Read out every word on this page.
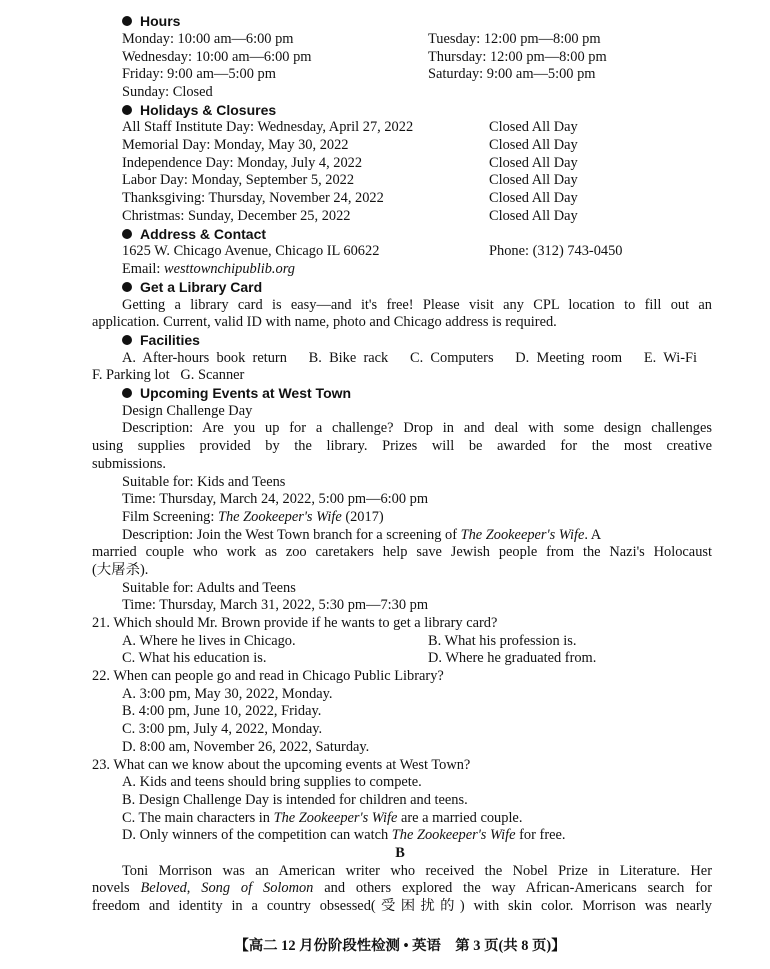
Hours
Monday: 10:00 am—6:00 pm	Tuesday: 12:00 pm—8:00 pm
Wednesday: 10:00 am—6:00 pm	Thursday: 12:00 pm—8:00 pm
Friday: 9:00 am—5:00 pm	Saturday: 9:00 am—5:00 pm
Sunday: Closed
Holidays & Closures
All Staff Institute Day: Wednesday, April 27, 2022	Closed All Day
Memorial Day: Monday, May 30, 2022	Closed All Day
Independence Day: Monday, July 4, 2022	Closed All Day
Labor Day: Monday, September 5, 2022	Closed All Day
Thanksgiving: Thursday, November 24, 2022	Closed All Day
Christmas: Sunday, December 25, 2022	Closed All Day
Address & Contact
1625 W. Chicago Avenue, Chicago IL 60622	Phone: (312) 743-0450
Email: westtownchipublib.org
Get a Library Card
Getting a library card is easy—and it's free! Please visit any CPL location to fill out an
application. Current, valid ID with name, photo and Chicago address is required.
Facilities
A. After-hours book return   B. Bike rack   C. Computers   D. Meeting room   E. Wi-Fi
F. Parking lot   G. Scanner
Upcoming Events at West Town
Design Challenge Day
Description: Are you up for a challenge? Drop in and deal with some design challenges
using supplies provided by the library. Prizes will be awarded for the most creative
submissions.
Suitable for: Kids and Teens
Time: Thursday, March 24, 2022, 5:00 pm—6:00 pm
Film Screening: The Zookeeper's Wife (2017)
Description: Join the West Town branch for a screening of The Zookeeper's Wife. A
married couple who work as zoo caretakers help save Jewish people from the Nazi's Holocaust
(大屠杀).
Suitable for: Adults and Teens
Time: Thursday, March 31, 2022, 5:30 pm—7:30 pm
21. Which should Mr. Brown provide if he wants to get a library card?
A. Where he lives in Chicago.	B. What his profession is.
C. What his education is.	D. Where he graduated from.
22. When can people go and read in Chicago Public Library?
A. 3:00 pm, May 30, 2022, Monday.
B. 4:00 pm, June 10, 2022, Friday.
C. 3:00 pm, July 4, 2022, Monday.
D. 8:00 am, November 26, 2022, Saturday.
23. What can we know about the upcoming events at West Town?
A. Kids and teens should bring supplies to compete.
B. Design Challenge Day is intended for children and teens.
C. The main characters in The Zookeeper's Wife are a married couple.
D. Only winners of the competition can watch The Zookeeper's Wife for free.
B
Toni Morrison was an American writer who received the Nobel Prize in Literature. Her
novels Beloved, Song of Solomon and others explored the way African-Americans search for
freedom and identity in a country obsessed(受困扰的) with skin color. Morrison was nearly
【高二 12 月份阶段性检测 • 英语　第 3 页(共 8 页)】
